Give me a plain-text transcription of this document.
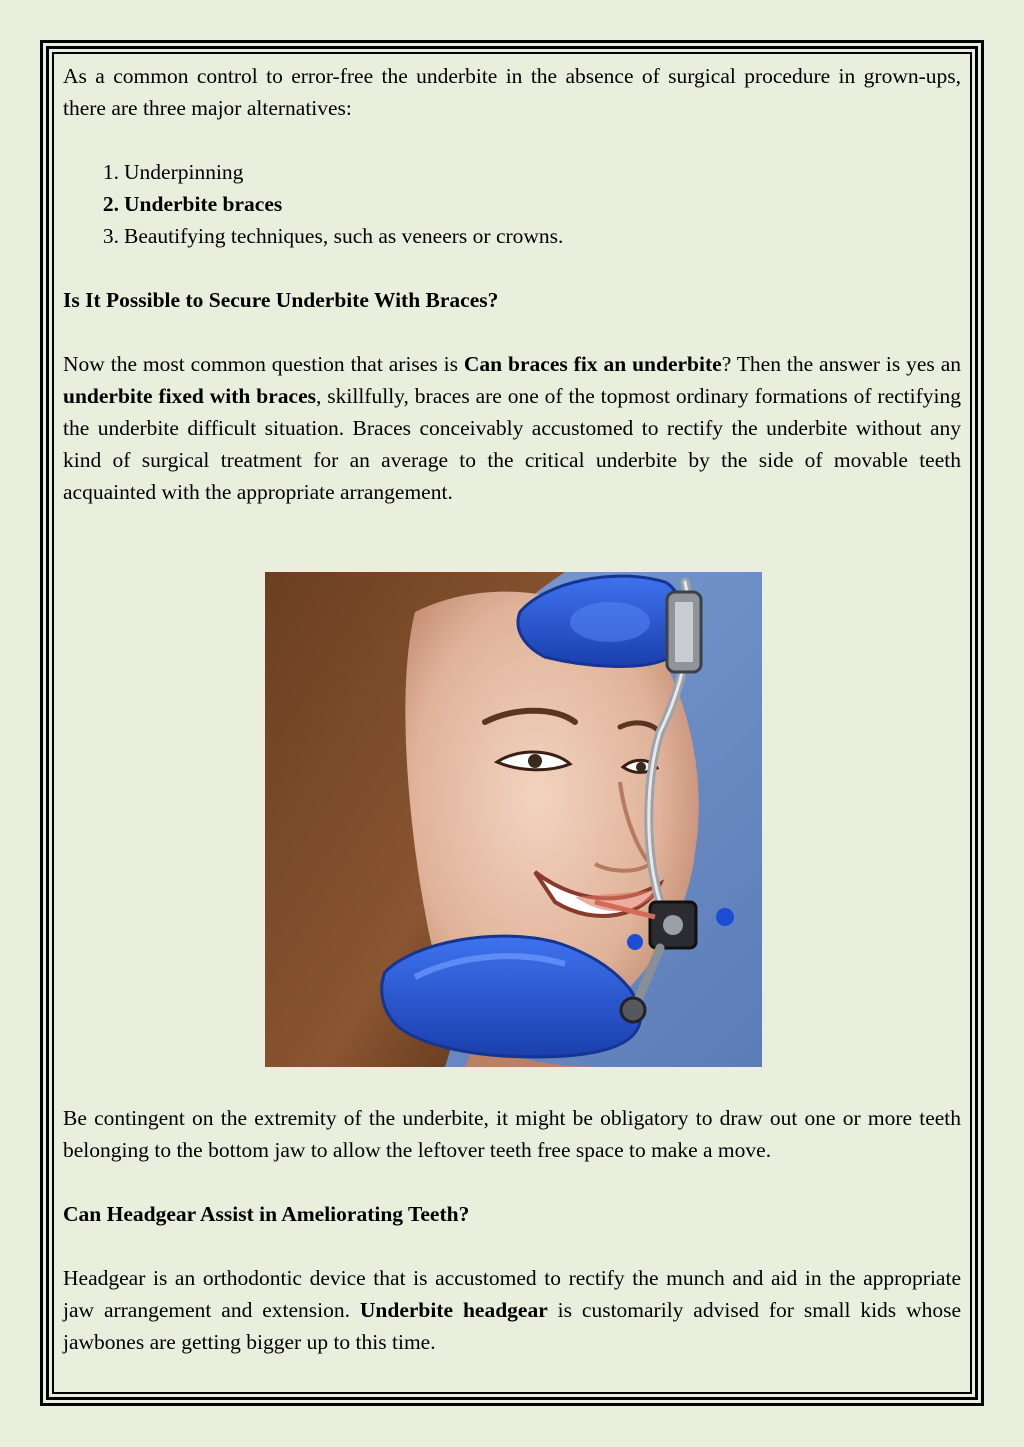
As a common control to error-free the underbite in the absence of surgical procedure in grown-ups, there are three major alternatives:

1. Underpinning
2. Underbite braces
3. Beautifying techniques, such as veneers or crowns.
Is It Possible to Secure Underbite With Braces?

Now the most common question that arises is Can braces fix an underbite? Then the answer is yes an underbite fixed with braces, skillfully, braces are one of the topmost ordinary formations of rectifying the underbite difficult situation. Braces conceivably accustomed to rectify the underbite without any kind of surgical treatment for an average to the critical underbite by the side of movable teeth acquainted with the appropriate arrangement.

Be contingent on the extremity of the underbite, it might be obligatory to draw out one or more teeth belonging to the bottom jaw to allow the leftover teeth free space to make a move.

Can Headgear Assist in Ameliorating Teeth?

Headgear is an orthodontic device that is accustomed to rectify the munch and aid in the appropriate jaw arrangement and extension. Underbite headgear is customarily advised for small kids whose jawbones are getting bigger up to this time.
